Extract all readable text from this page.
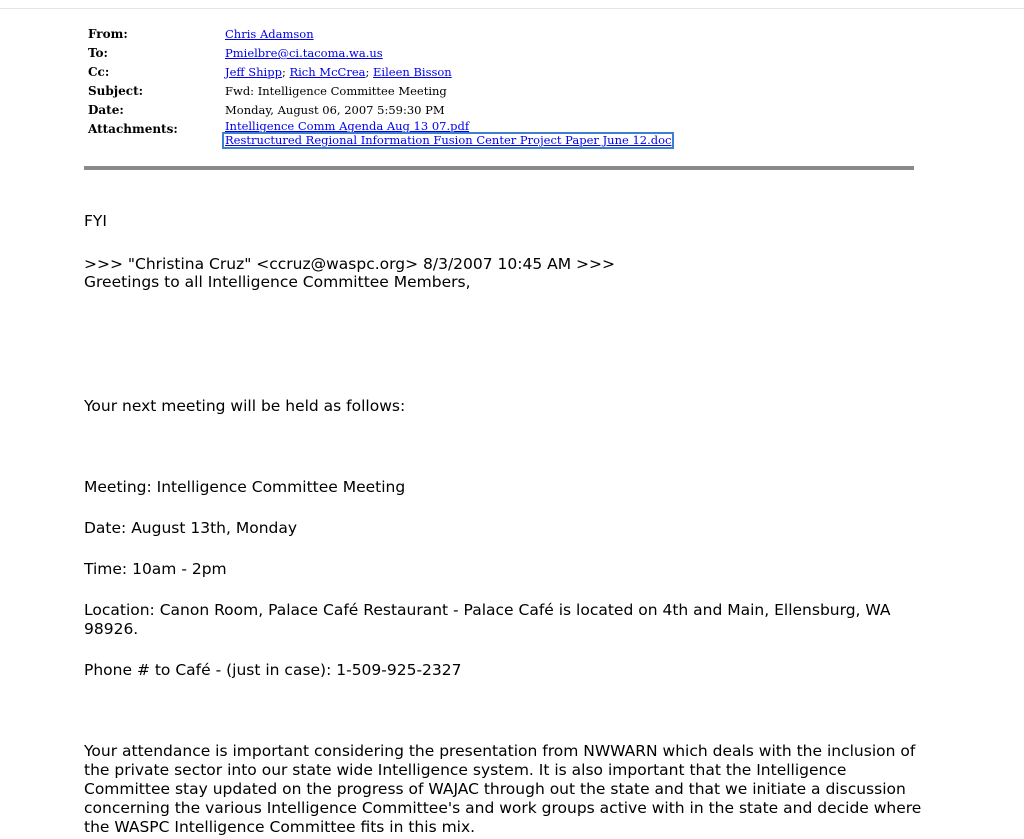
From:	Chris Adamson
To:	Pmielbre@ci.tacoma.wa.us
Cc:	Jeff Shipp; Rich McCrea; Eileen Bisson
Subject:	Fwd: Intelligence Committee Meeting
Date:	Monday, August 06, 2007 5:59:30 PM
Attachments:	Intelligence Comm Agenda Aug 13 07.pdf
Restructured Regional Information Fusion Center Project Paper June 12.doc

FYI

>>> "Christina Cruz" <ccruz@waspc.org> 8/3/2007 10:45 AM >>>

Greetings to all Intelligence Committee Members,

Your next meeting will be held as follows:

Meeting: Intelligence Committee Meeting

Date: August 13th, Monday

Time: 10am - 2pm

Location: Canon Room, Palace Café Restaurant - Palace Café is located on 4th and Main, Ellensburg, WA 98926.

Phone # to Café - (just in case): 1-509-925-2327

Your attendance is important considering the presentation from NWWARN which deals with the inclusion of the private sector into our state wide Intelligence system. It is also important that the Intelligence Committee stay updated on the progress of WAJAC through out the state and that we initiate a discussion concerning the various Intelligence Committee's and work groups active with in the state and decide where the WASPC Intelligence Committee fits in this mix.
